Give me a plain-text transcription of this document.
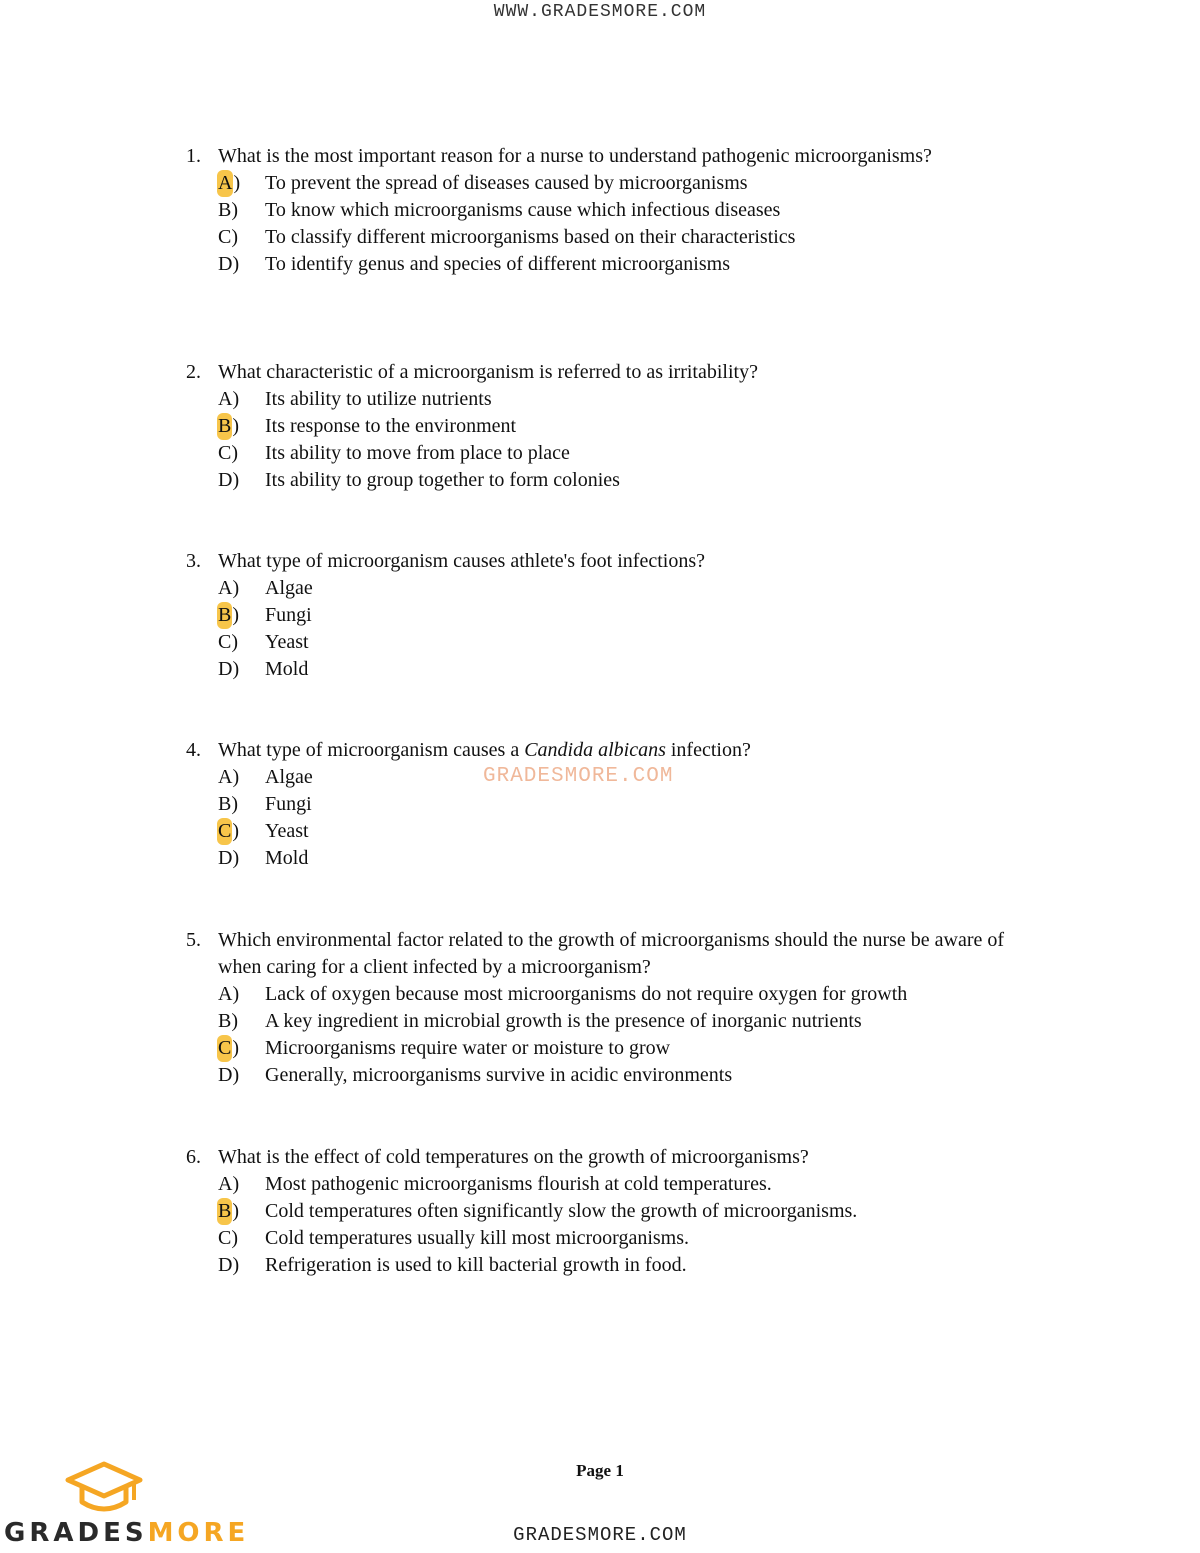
WWW.GRADESMORE.COM
1. What is the most important reason for a nurse to understand pathogenic microorganisms?
A)	To prevent the spread of diseases caused by microorganisms
B)	To know which microorganisms cause which infectious diseases
C)	To classify different microorganisms based on their characteristics
D)	To identify genus and species of different microorganisms
2. What characteristic of a microorganism is referred to as irritability?
A)	Its ability to utilize nutrients
B)	Its response to the environment
C)	Its ability to move from place to place
D)	Its ability to group together to form colonies
3. What type of microorganism causes athlete's foot infections?
A)	Algae
B)	Fungi
C)	Yeast
D)	Mold
4. What type of microorganism causes a Candida albicans infection?
A)	Algae
B)	Fungi
C)	Yeast
D)	Mold
GRADESMORE.COM
5. Which environmental factor related to the growth of microorganisms should the nurse be aware of when caring for a client infected by a microorganism?
A)	Lack of oxygen because most microorganisms do not require oxygen for growth
B)	A key ingredient in microbial growth is the presence of inorganic nutrients
C)	Microorganisms require water or moisture to grow
D)	Generally, microorganisms survive in acidic environments
6. What is the effect of cold temperatures on the growth of microorganisms?
A)	Most pathogenic microorganisms flourish at cold temperatures.
B)	Cold temperatures often significantly slow the growth of microorganisms.
C)	Cold temperatures usually kill most microorganisms.
D)	Refrigeration is used to kill bacterial growth in food.
Page 1
GRADESMORE	GRADESMORE.COM
